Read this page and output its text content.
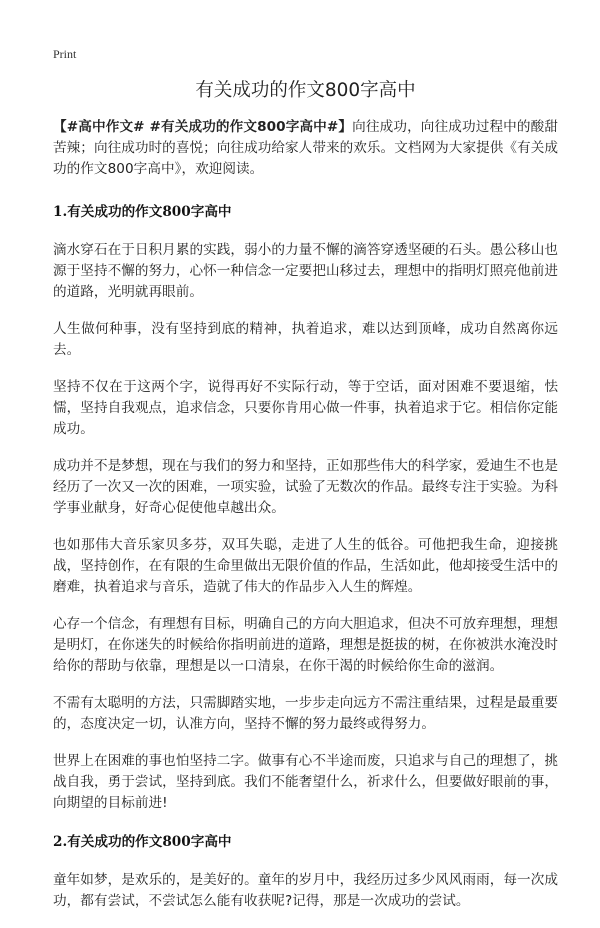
Print
有关成功的作文800字高中

【#高中作文# #有关成功的作文800字高中#】向往成功，向往成功过程中的酸甜苦辣；向往成功时的喜悦；向往成功给家人带来的欢乐。文档网为大家提供《有关成功的作文800字高中》，欢迎阅读。

1.有关成功的作文800字高中

滴水穿石在于日积月累的实践，弱小的力量不懈的滴答穿透坚硬的石头。愚公移山也源于坚持不懈的努力，心怀一种信念一定要把山移过去，理想中的指明灯照亮他前进的道路，光明就再眼前。

人生做何种事，没有坚持到底的精神，执着追求，难以达到顶峰，成功自然离你远去。

坚持不仅在于这两个字，说得再好不实际行动，等于空话，面对困难不要退缩，怯懦，坚持自我观点，追求信念，只要你肯用心做一件事，执着追求于它。相信你定能成功。

成功并不是梦想，现在与我们的努力和坚持，正如那些伟大的科学家，爱迪生不也是经历了一次又一次的困难，一项实验，试验了无数次的作品。最终专注于实验。为科学事业献身，好奇心促使他卓越出众。

也如那伟大音乐家贝多芬，双耳失聪，走进了人生的低谷。可他把我生命，迎接挑战，坚持创作，在有限的生命里做出无限价值的作品，生活如此，他却接受生活中的磨难，执着追求与音乐，造就了伟大的作品步入人生的辉煌。

心存一个信念，有理想有目标，明确自己的方向大胆追求，但决不可放弃理想，理想是明灯，在你迷失的时候给你指明前进的道路，理想是挺拔的树，在你被洪水淹没时给你的帮助与依靠，理想是以一口清泉，在你干渴的时候给你生命的滋润。

不需有太聪明的方法，只需脚踏实地，一步步走向远方不需注重结果，过程是最重要的，态度决定一切，认准方向，坚持不懈的努力最终或得努力。

世界上在困难的事也怕坚持二字。做事有心不半途而废，只追求与自己的理想了，挑战自我，勇于尝试，坚持到底。我们不能奢望什么，祈求什么，但要做好眼前的事，向期望的目标前进!

2.有关成功的作文800字高中

童年如梦，是欢乐的，是美好的。童年的岁月中，我经历过多少风风雨雨，每一次成功，都有尝试，不尝试怎么能有收获呢?记得，那是一次成功的尝试。
